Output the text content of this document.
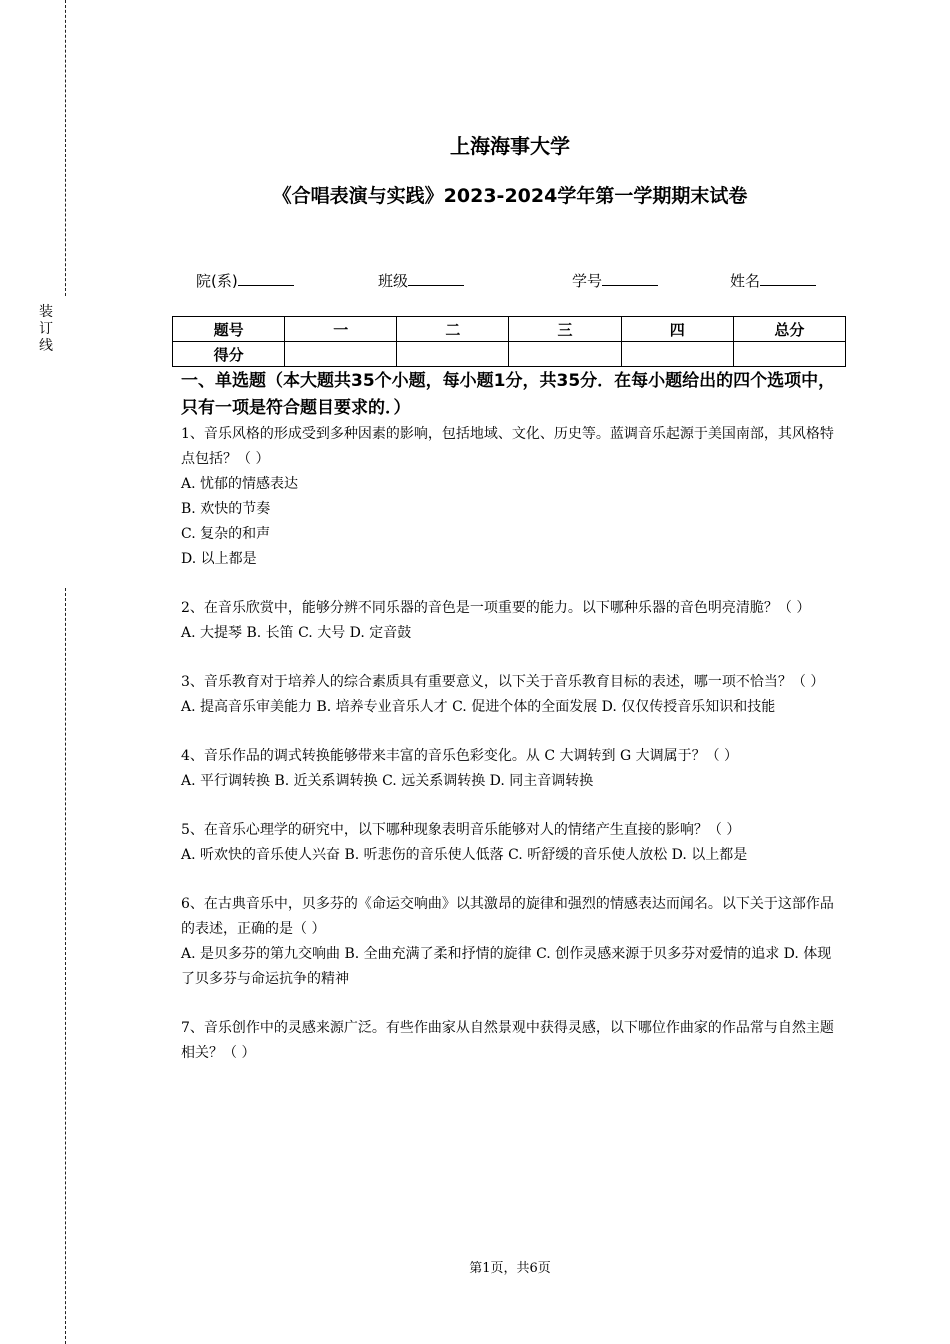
装
订
线
上海海事大学
《合唱表演与实践》2023-2024学年第一学期期末试卷
院(系)	班级	学号	姓名
题号	一	二	三	四	总分
得分					
一、单选题（本大题共35个小题，每小题1分，共35分．在每小题给出的四个选项中，只有一项是符合题目要求的．）

1、音乐风格的形成受到多种因素的影响，包括地域、文化、历史等。蓝调音乐起源于美国南部，其风格特点包括？（ ）

A. 忧郁的情感表达

B. 欢快的节奏

C. 复杂的和声

D. 以上都是

2、在音乐欣赏中，能够分辨不同乐器的音色是一项重要的能力。以下哪种乐器的音色明亮清脆？（ ）

A. 大提琴 B. 长笛 C. 大号 D. 定音鼓

3、音乐教育对于培养人的综合素质具有重要意义，以下关于音乐教育目标的表述，哪一项不恰当？（ ）

A. 提高音乐审美能力 B. 培养专业音乐人才 C. 促进个体的全面发展 D. 仅仅传授音乐知识和技能

4、音乐作品的调式转换能够带来丰富的音乐色彩变化。从 C 大调转到 G 大调属于？（ ）

A. 平行调转换 B. 近关系调转换 C. 远关系调转换 D. 同主音调转换

5、在音乐心理学的研究中，以下哪种现象表明音乐能够对人的情绪产生直接的影响？（ ）

A. 听欢快的音乐使人兴奋 B. 听悲伤的音乐使人低落 C. 听舒缓的音乐使人放松 D. 以上都是

6、在古典音乐中，贝多芬的《命运交响曲》以其激昂的旋律和强烈的情感表达而闻名。以下关于这部作品的表述，正确的是（ ）

A. 是贝多芬的第九交响曲 B. 全曲充满了柔和抒情的旋律 C. 创作灵感来源于贝多芬对爱情的追求 D. 体现了贝多芬与命运抗争的精神

7、音乐创作中的灵感来源广泛。有些作曲家从自然景观中获得灵感，以下哪位作曲家的作品常与自然主题相关？（ ）

第1页，共6页
